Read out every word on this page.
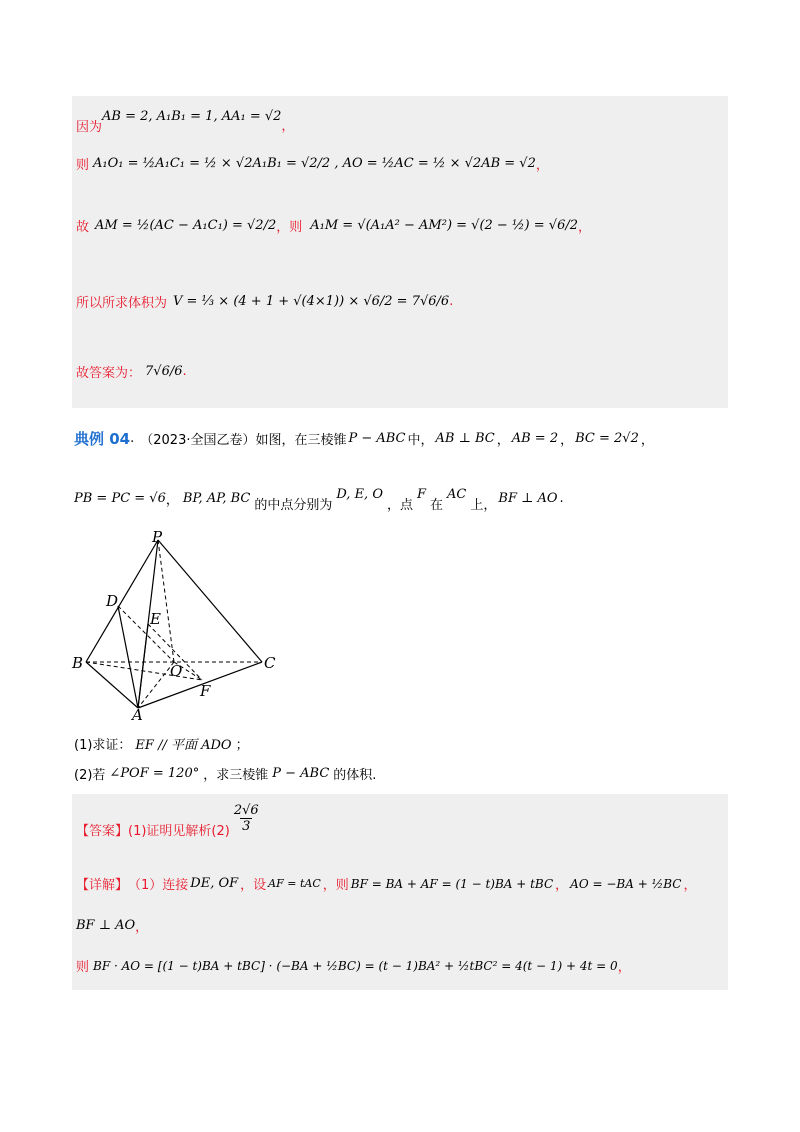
因为
AB = 2, A₁B₁ = 1, AA₁ = √2
，
则 A₁O₁ = ½A₁C₁ = ½ × √2A₁B₁ = √2/2 , AO = ½AC = ½ × √2AB = √2 ，
故 AM = ½(AC − A₁C₁) = √2/2 ，则 A₁M = √(A₁A² − AM²) = √(2 − ½) = √6/2 ，
所以所求体积为 V = ⅓ × (4 + 1 + √(4×1)) × √6/2 = 7√6/6 .
故答案为： 7√6/6 .
典例 04 . （2023·全国乙卷）如图，在三棱锥 P − ABC 中， AB ⊥ BC ， AB = 2 ， BC = 2√2 ，
PB = PC = √6 ， BP, AP, BC 的中点分别为
D, E, O
，点
F
在
AC
上， BF ⊥ AO .
P
D
E
B	O	C
F
A
(1)求证： EF // 平面 ADO ；
(2)若 ∠POF = 120° ，求三棱锥 P − ABC 的体积.
【答案】 (1)证明见解析$(2) \frac{2√6}{3}$
【详解】 （1）连接 DE, OF ，设 AF = tAC ，则 BF = BA + AF = (1 − t)BA + tBC ， AO = −BA + ½BC ，
BF ⊥ AO ，
则 BF · AO = [(1 − t)BA + tBC] · (−BA + ½BC) = (t − 1)BA² + ½tBC² = 4(t − 1) + 4t = 0 ，
